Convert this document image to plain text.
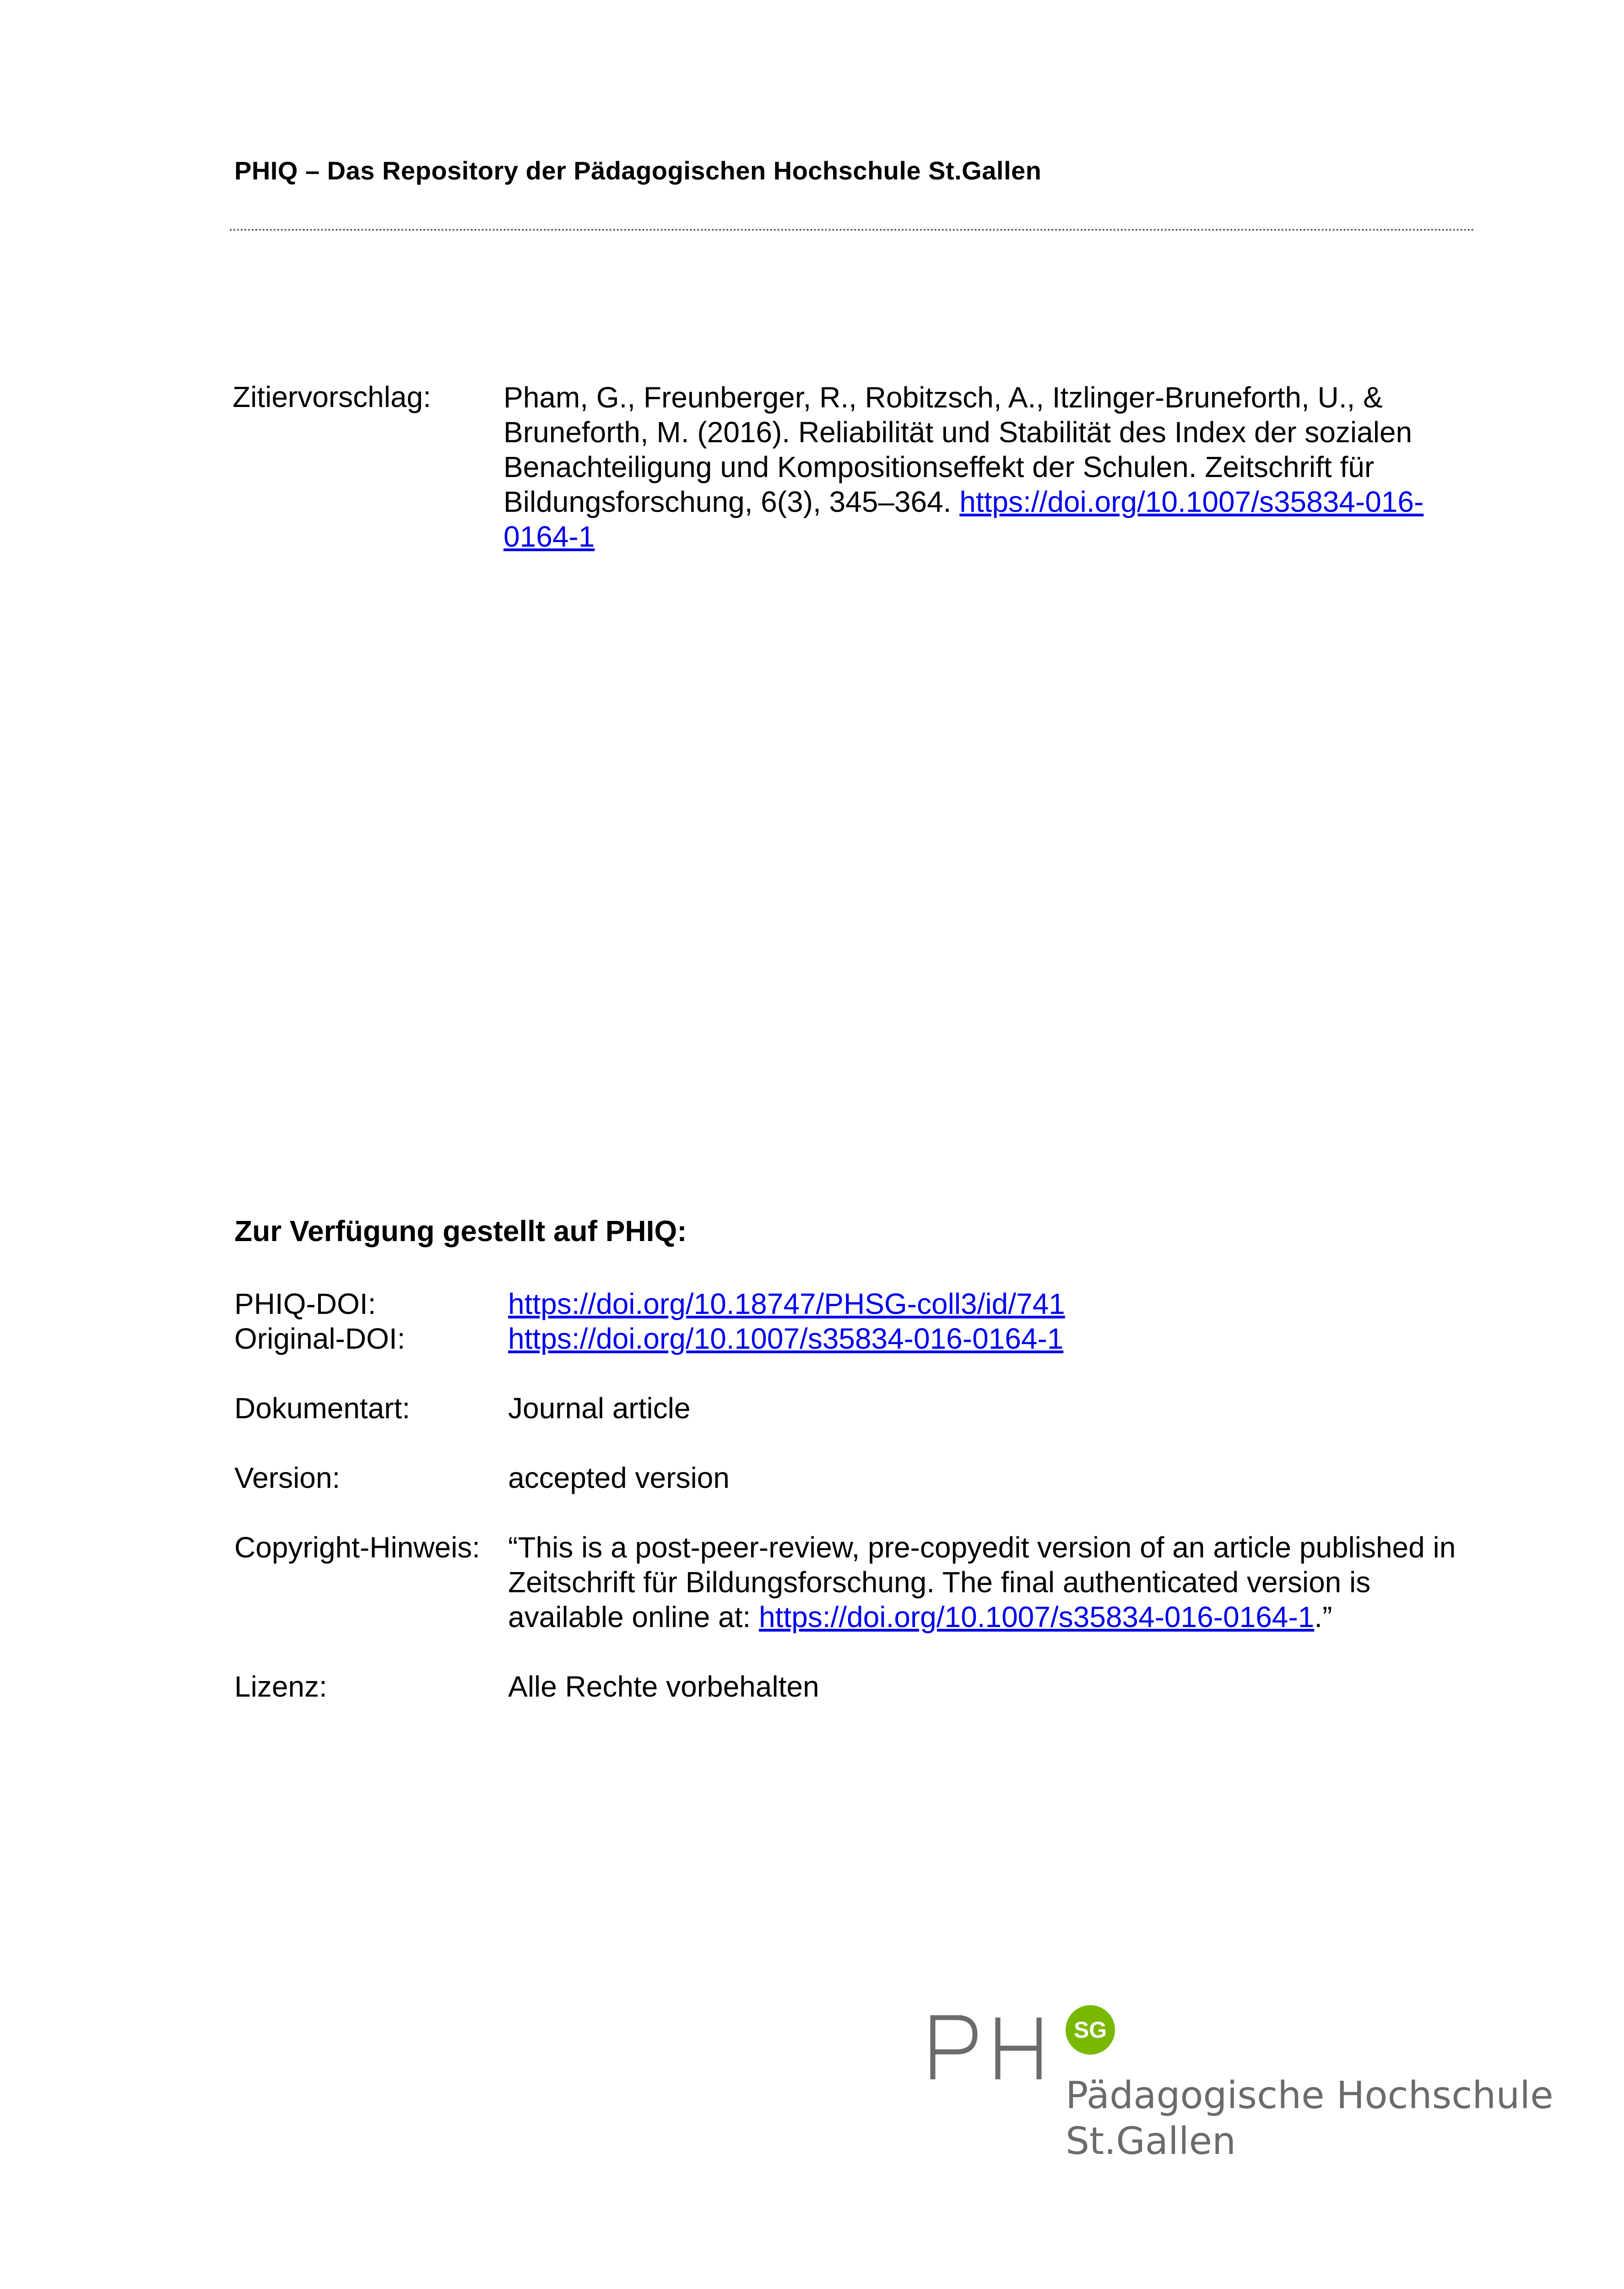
PHIQ – Das Repository der Pädagogischen Hochschule St.Gallen
Zitiervorschlag: Pham, G., Freunberger, R., Robitzsch, A., Itzlinger-Bruneforth, U., & Bruneforth, M. (2016). Reliabilität und Stabilität des Index der sozialen Benachteiligung und Kompositionseffekt der Schulen. Zeitschrift für Bildungsforschung, 6(3), 345–364. https://doi.org/10.1007/s35834-016-0164-1
Zur Verfügung gestellt auf PHIQ:
PHIQ-DOI:	https://doi.org/10.18747/PHSG-coll3/id/741
Original-DOI:	https://doi.org/10.1007/s35834-016-0164-1
Dokumentart:	Journal article
Version:	accepted version
Copyright-Hinweis: “This is a post-peer-review, pre-copyedit version of an article published in Zeitschrift für Bildungsforschung. The final authenticated version is available online at: https://doi.org/10.1007/s35834-016-0164-1.”
Lizenz:	Alle Rechte vorbehalten
SG
Pädagogische Hochschule
St.Gallen
